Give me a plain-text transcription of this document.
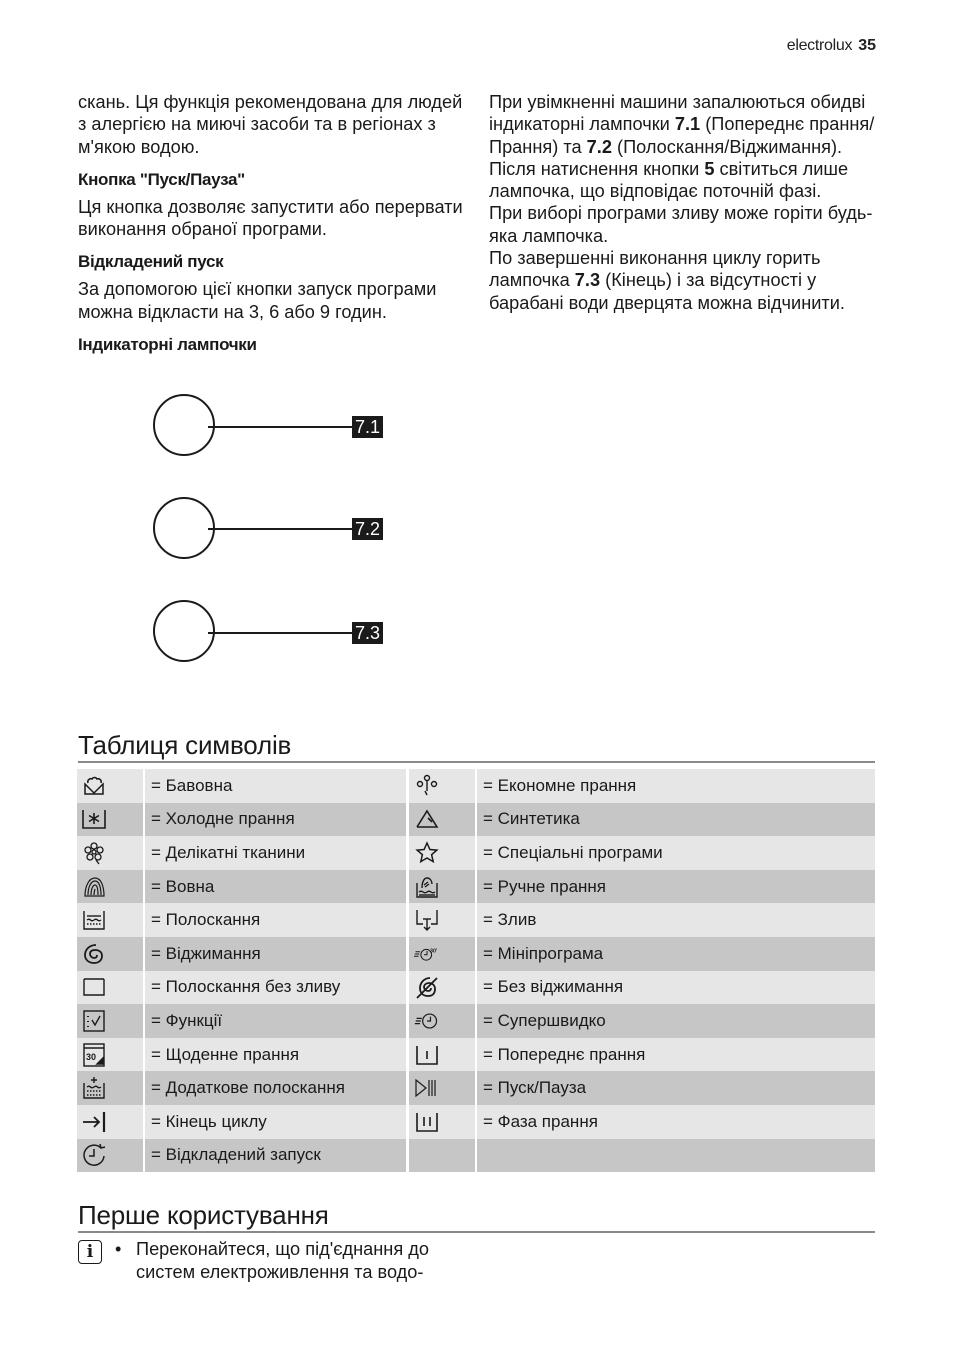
electrolux 35

скань. Ця функція рекомендована для людей з алергією на миючі засоби та в регіонах з м'якою водою.

Кнопка "Пуск/Пауза"

Ця кнопка дозволяє запустити або перервати виконання обраної програми.

Відкладений пуск

За допомогою цієї кнопки запуск програми можна відкласти на 3, 6 або 9 годин.

Індикаторні лампочки

При увімкненні машини запалюються обидві індикаторні лампочки 7.1 (Попереднє прання/Прання) та 7.2 (Полоскання/Віджимання). Після натиснення кнопки 5 світиться лише лампочка, що відповідає поточній фазі.

При виборі програми зливу може горіти будь-яка лампочка.

По завершенні виконання циклу горить лампочка 7.3 (Кінець) і за відсутності у барабані води дверцята можна відчинити.

7.1
7.2
7.3
Таблиця символів
= Бавовна	= Економне прання
= Холодне прання	= Синтетика
= Делікатні тканини	= Спеціальні програми
= Вовна	= Ручне прання
= Полоскання	= Злив
= Віджимання	30'	= Мініпрограма
= Полоскання без зливу	= Без віджимання
= Функції	= Супершвидко
30	= Щоденне прання	= Попереднє прання
= Додаткове полоскання	= Пуск/Пауза
= Кінець циклу	= Фаза прання
= Відкладений запуск
Перше користування
i	• Переконайтеся, що під'єднання до систем електроживлення та водо-
